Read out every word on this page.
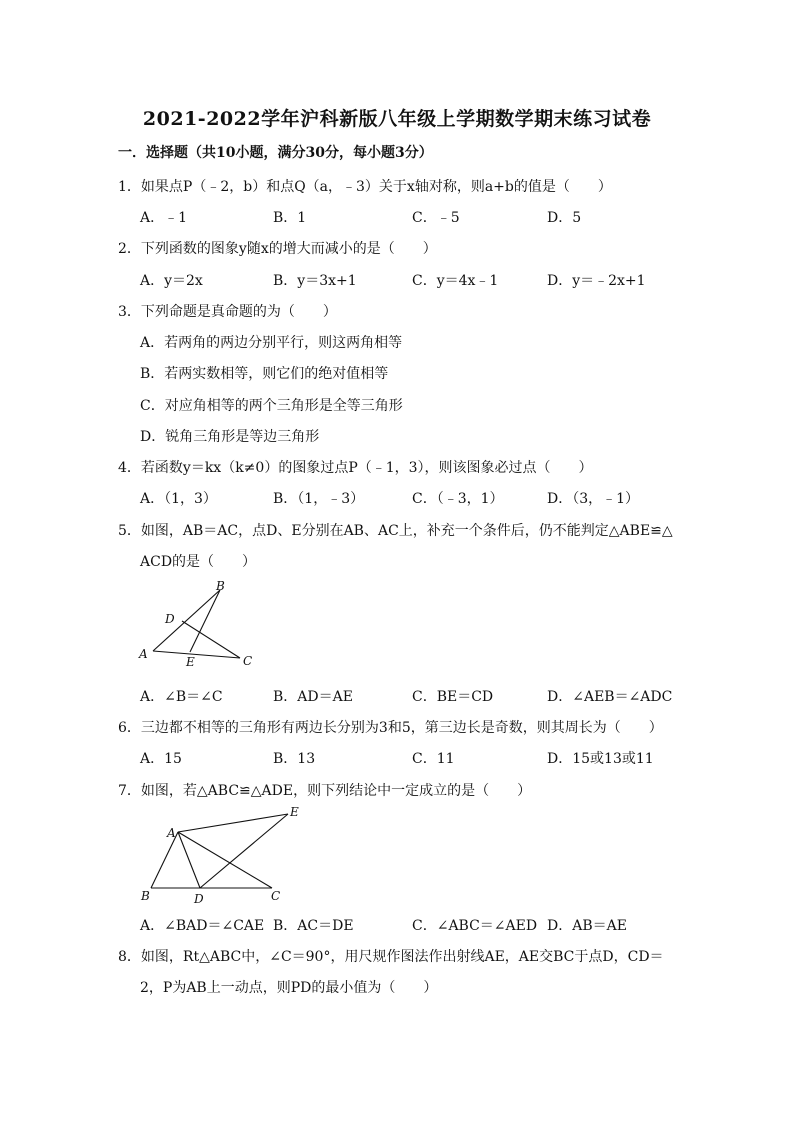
2021-2022学年沪科新版八年级上学期数学期末练习试卷
一．选择题（共10小题，满分30分，每小题3分）
1．如果点P（﹣2，b）和点Q（a，﹣3）关于x轴对称，则a+b的值是（　　）
A．﹣1	B．1	C．﹣5	D．5
2．下列函数的图象y随x的增大而减小的是（　　）
A．y＝2x	B．y＝3x+1	C．y＝4x﹣1	D．y＝﹣2x+1
3．下列命题是真命题的为（　　）
A．若两角的两边分别平行，则这两角相等
B．若两实数相等，则它们的绝对值相等
C．对应角相等的两个三角形是全等三角形
D．锐角三角形是等边三角形
4．若函数y＝kx（k≠0）的图象过点P（﹣1，3），则该图象必过点（　　）
A．（1，3）	B．（1，﹣3）	C．（﹣3，1）	D．（3，﹣1）
5．如图，AB＝AC，点D、E分别在AB、AC上，补充一个条件后，仍不能判定△ABE≌△
ACD的是（　　）
B
D
A
E	C
A．∠B＝∠C	B．AD＝AE	C．BE＝CD	D．∠AEB＝∠ADC
6．三边都不相等的三角形有两边长分别为3和5，第三边长是奇数，则其周长为（　　）
A．15	B．13	C．11	D．15或13或11
7．如图，若△ABC≌△ADE，则下列结论中一定成立的是（　　）
E
A
B	D	C
A．∠BAD＝∠CAE B．AC＝DE	C．∠ABC＝∠AED D．AB＝AE
8．如图，Rt△ABC中，∠C＝90°，用尺规作图法作出射线AE，AE交BC于点D，CD＝
2，P为AB上一动点，则PD的最小值为（　　）
